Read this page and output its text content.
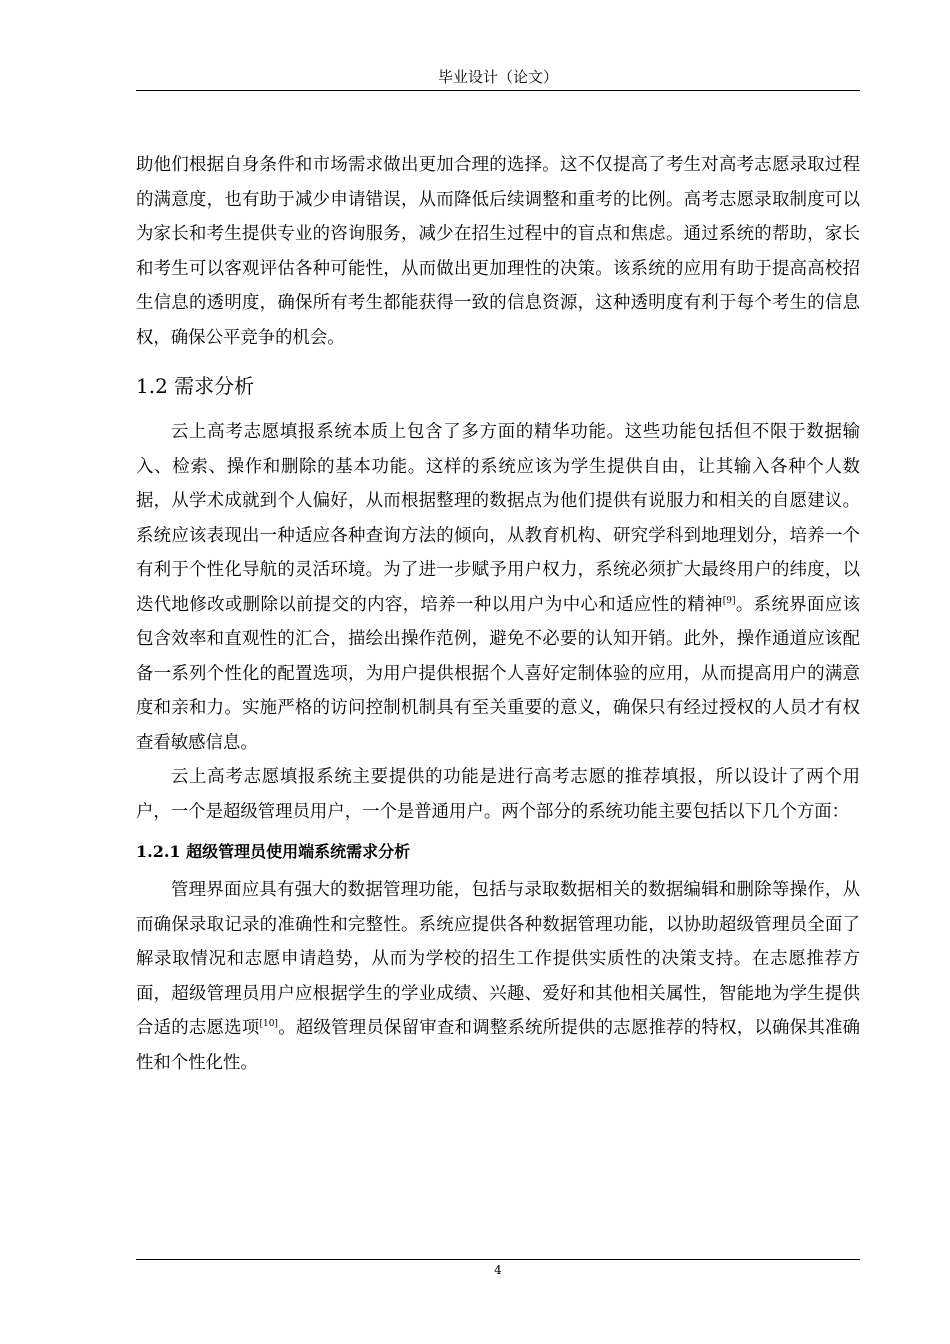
毕业设计（论文）

助他们根据自身条件和市场需求做出更加合理的选择。这不仅提高了考生对高考志愿录取过程的满意度，也有助于减少申请错误，从而降低后续调整和重考的比例。高考志愿录取制度可以为家长和考生提供专业的咨询服务，减少在招生过程中的盲点和焦虑。通过系统的帮助，家长和考生可以客观评估各种可能性，从而做出更加理性的决策。该系统的应用有助于提高高校招生信息的透明度，确保所有考生都能获得一致的信息资源，这种透明度有利于每个考生的信息权，确保公平竞争的机会。

1.2 需求分析

云上高考志愿填报系统本质上包含了多方面的精华功能。这些功能包括但不限于数据输入、检索、操作和删除的基本功能。这样的系统应该为学生提供自由，让其输入各种个人数据，从学术成就到个人偏好，从而根据整理的数据点为他们提供有说服力和相关的自愿建议。系统应该表现出一种适应各种查询方法的倾向，从教育机构、研究学科到地理划分，培养一个有利于个性化导航的灵活环境。为了进一步赋予用户权力，系统必须扩大最终用户的纬度，以迭代地修改或删除以前提交的内容，培养一种以用户为中心和适应性的精神[9]。系统界面应该包含效率和直观性的汇合，描绘出操作范例，避免不必要的认知开销。此外，操作通道应该配备一系列个性化的配置选项，为用户提供根据个人喜好定制体验的应用，从而提高用户的满意度和亲和力。实施严格的访问控制机制具有至关重要的意义，确保只有经过授权的人员才有权查看敏感信息。

云上高考志愿填报系统主要提供的功能是进行高考志愿的推荐填报，所以设计了两个用户，一个是超级管理员用户，一个是普通用户。两个部分的系统功能主要包括以下几个方面：

1.2.1 超级管理员使用端系统需求分析

管理界面应具有强大的数据管理功能，包括与录取数据相关的数据编辑和删除等操作，从而确保录取记录的准确性和完整性。系统应提供各种数据管理功能，以协助超级管理员全面了解录取情况和志愿申请趋势，从而为学校的招生工作提供实质性的决策支持。在志愿推荐方面，超级管理员用户应根据学生的学业成绩、兴趣、爱好和其他相关属性，智能地为学生提供合适的志愿选项[10]。超级管理员保留审查和调整系统所提供的志愿推荐的特权，以确保其准确性和个性化性。

4
